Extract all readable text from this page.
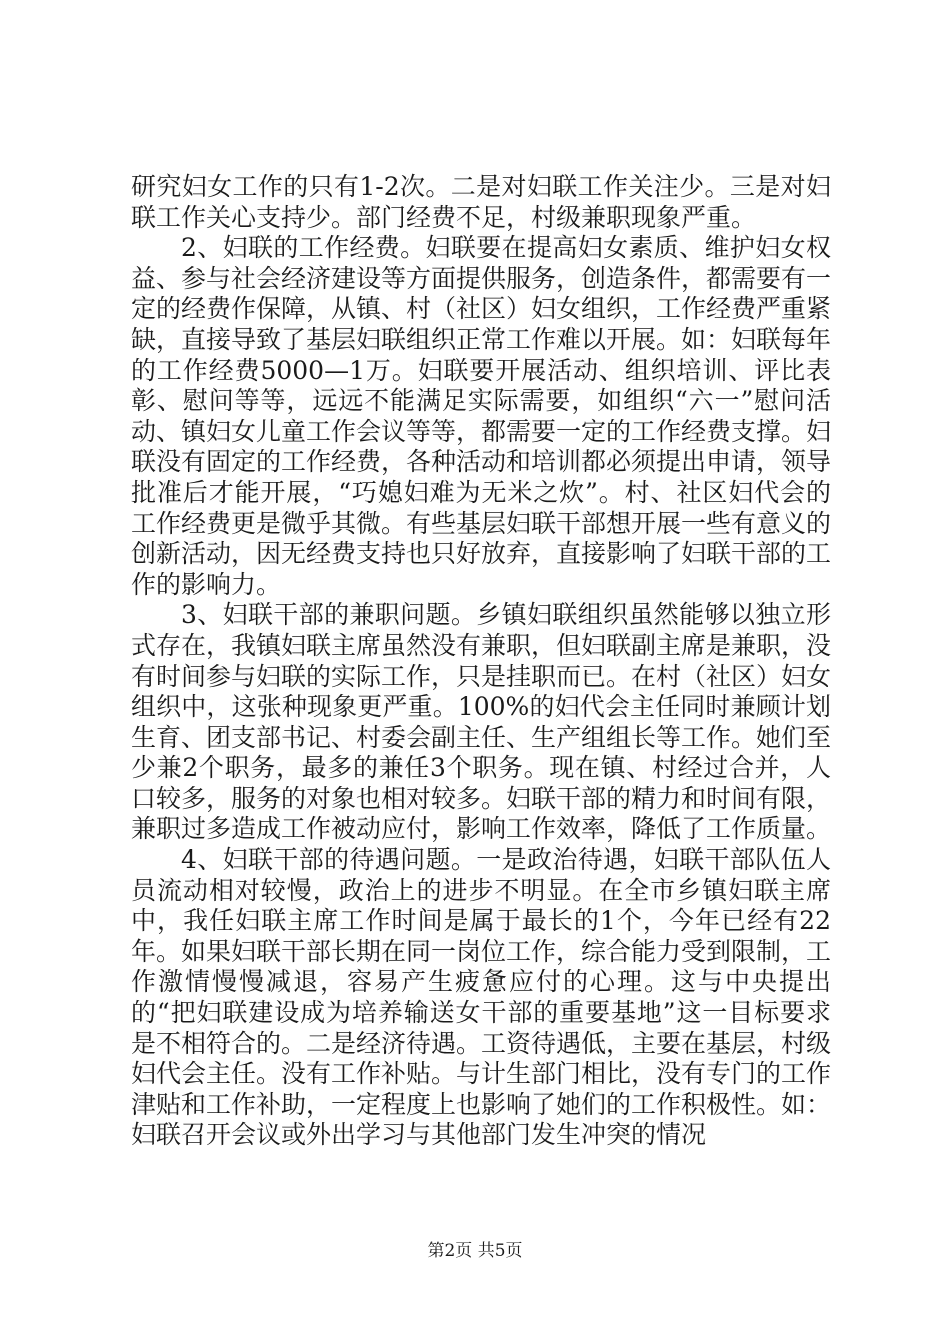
研究妇女工作的只有1-2次。二是对妇联工作关注少。三是对妇联工作关心支持少。部门经费不足，村级兼职现象严重。

2、妇联的工作经费。妇联要在提高妇女素质、维护妇女权益、参与社会经济建设等方面提供服务，创造条件，都需要有一定的经费作保障，从镇、村（社区）妇女组织，工作经费严重紧缺，直接导致了基层妇联组织正常工作难以开展。如：妇联每年的工作经费5000—1万。妇联要开展活动、组织培训、评比表彰、慰问等等，远远不能满足实际需要，如组织“六一”慰问活动、镇妇女儿童工作会议等等，都需要一定的工作经费支撑。妇联没有固定的工作经费，各种活动和培训都必须提出申请，领导批准后才能开展，“巧媳妇难为无米之炊”。村、社区妇代会的工作经费更是微乎其微。有些基层妇联干部想开展一些有意义的创新活动，因无经费支持也只好放弃，直接影响了妇联干部的工作的影响力。

3、妇联干部的兼职问题。乡镇妇联组织虽然能够以独立形式存在，我镇妇联主席虽然没有兼职，但妇联副主席是兼职，没有时间参与妇联的实际工作，只是挂职而已。在村（社区）妇女组织中，这张种现象更严重。100%的妇代会主任同时兼顾计划生育、团支部书记、村委会副主任、生产组组长等工作。她们至少兼2个职务，最多的兼任3个职务。现在镇、村经过合并，人口较多，服务的对象也相对较多。妇联干部的精力和时间有限，兼职过多造成工作被动应付，影响工作效率，降低了工作质量。

4、妇联干部的待遇问题。一是政治待遇，妇联干部队伍人员流动相对较慢，政治上的进步不明显。在全市乡镇妇联主席中，我任妇联主席工作时间是属于最长的1个，今年已经有22年。如果妇联干部长期在同一岗位工作，综合能力受到限制，工作激情慢慢减退，容易产生疲惫应付的心理。这与中央提出的“把妇联建设成为培养输送女干部的重要基地”这一目标要求是不相符合的。二是经济待遇。工资待遇低，主要在基层，村级妇代会主任。没有工作补贴。与计生部门相比，没有专门的工作津贴和工作补助，一定程度上也影响了她们的工作积极性。如：妇联召开会议或外出学习与其他部门发生冲突的情况

第2页 共5页
